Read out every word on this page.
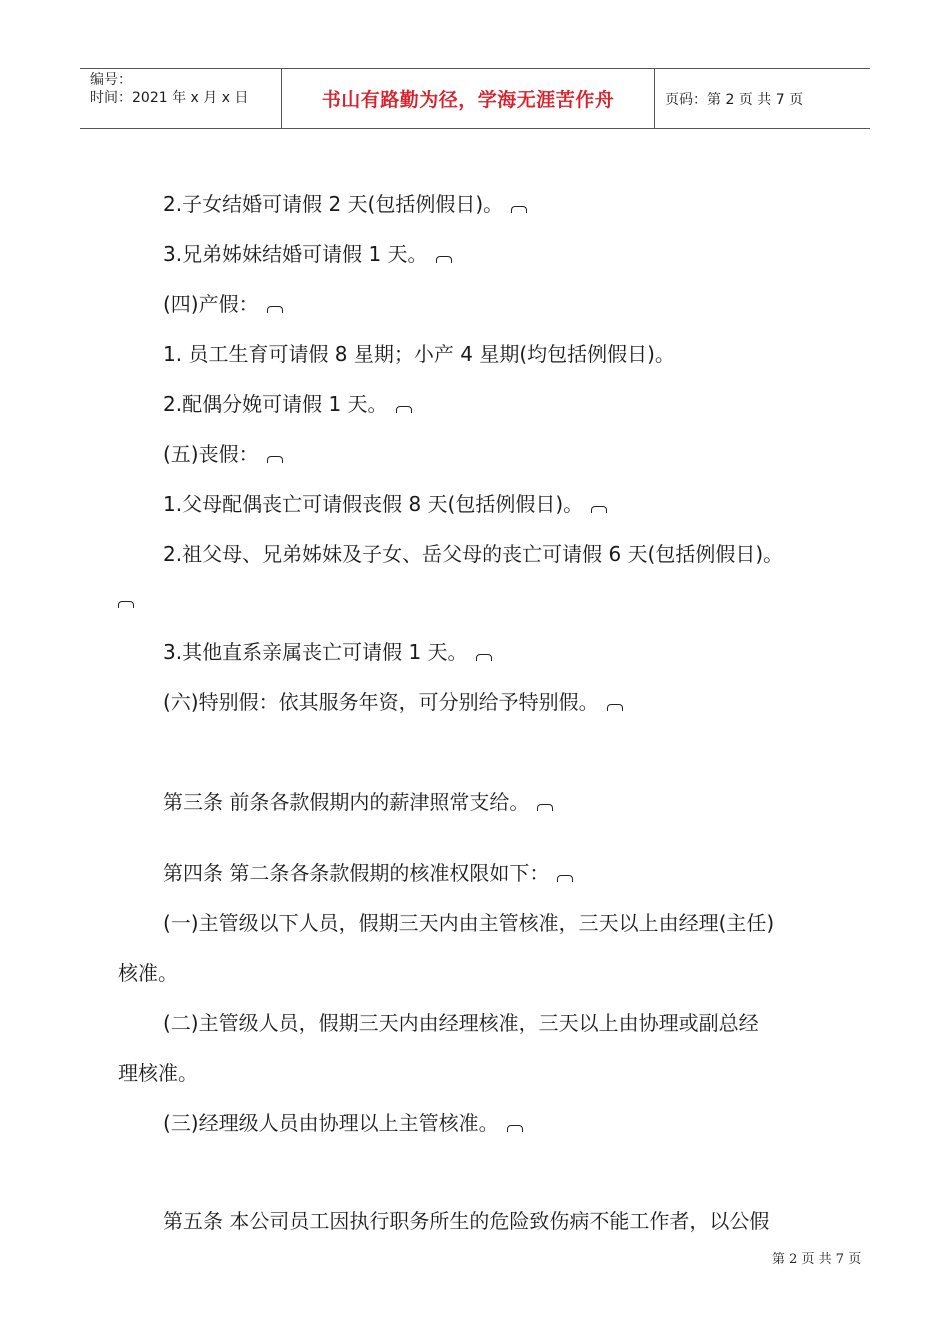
编号：
时间：2021 年 x 月 x 日	书山有路勤为径，学海无涯苦作舟	页码：第 2 页 共 7 页
2.子女结婚可请假 2 天(包括例假日)。
3.兄弟姊妹结婚可请假 1 天。
(四)产假：
1. 员工生育可请假 8 星期；小产 4 星期(均包括例假日)。
2.配偶分娩可请假 1 天。
(五)丧假：
1.父母配偶丧亡可请假丧假 8 天(包括例假日)。
2.祖父母、兄弟姊妹及子女、岳父母的丧亡可请假 6 天(包括例假日)。
3.其他直系亲属丧亡可请假 1 天。
(六)特别假：依其服务年资，可分别给予特别假。
第三条 前条各款假期内的薪津照常支给。
第四条 第二条各条款假期的核准权限如下：
(一)主管级以下人员，假期三天内由主管核准，三天以上由经理(主任)
核准。
(二)主管级人员，假期三天内由经理核准，三天以上由协理或副总经
理核准。
(三)经理级人员由协理以上主管核准。
第五条 本公司员工因执行职务所生的危险致伤病不能工作者，以公假
第 2 页 共 7 页
